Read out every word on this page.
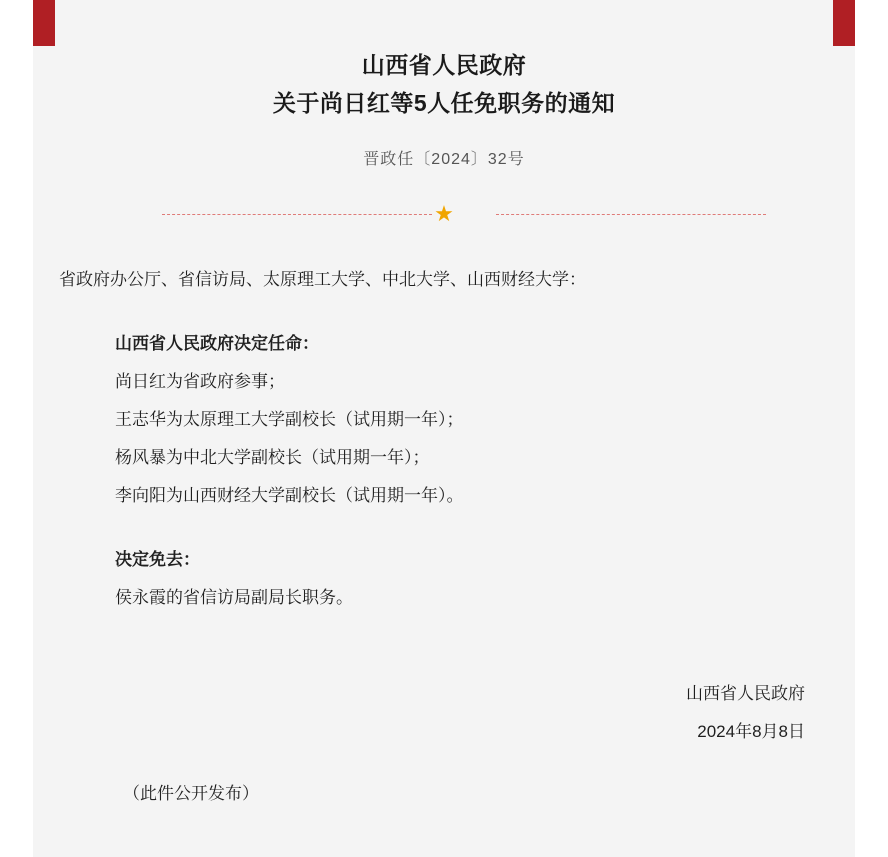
山西省人民政府
关于尚日红等5人任免职务的通知
晋政任〔2024〕32号
★
省政府办公厅、省信访局、太原理工大学、中北大学、山西财经大学：
山西省人民政府决定任命：
尚日红为省政府参事；
王志华为太原理工大学副校长（试用期一年）；
杨风暴为中北大学副校长（试用期一年）；
李向阳为山西财经大学副校长（试用期一年）。
决定免去：
侯永霞的省信访局副局长职务。
山西省人民政府
2024年8月8日
（此件公开发布）
